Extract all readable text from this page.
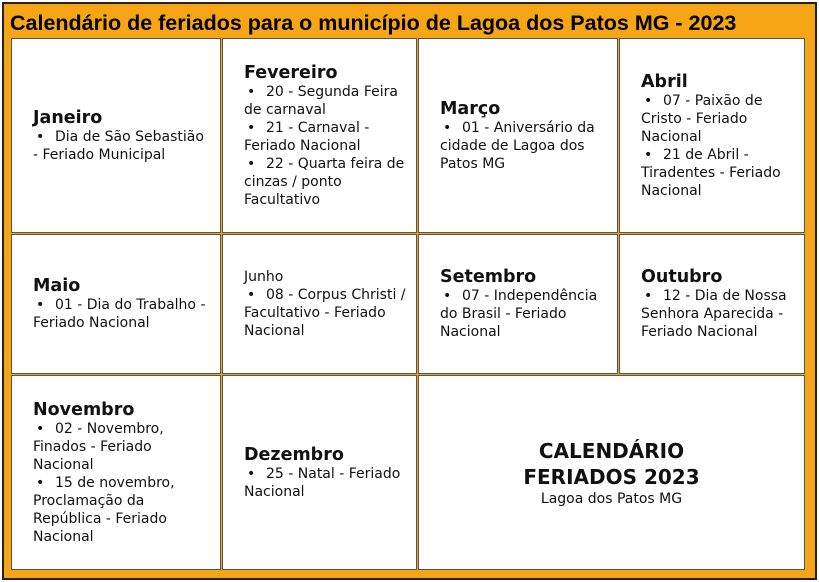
Calendário de feriados para o município de Lagoa dos Patos MG - 2023
Janeiro
•Dia de São Sebastião - Feriado Municipal
Fevereiro
•20 - Segunda Feira de carnaval
•21 - Carnaval - Feriado Nacional
•22 - Quarta feira de cinzas / ponto Facultativo
Março
•01 - Aniversário da cidade de Lagoa dos Patos MG
Abril
•07 - Paixão de Cristo - Feriado Nacional
•21 de Abril - Tiradentes - Feriado Nacional
Maio
•01 - Dia do Trabalho - Feriado Nacional
Junho
•08 - Corpus Christi / Facultativo - Feriado Nacional
Setembro
•07 - Independência do Brasil - Feriado Nacional
Outubro
•12 - Dia de Nossa Senhora Aparecida - Feriado Nacional
Novembro
•02 - Novembro, Finados - Feriado Nacional
•15 de novembro, Proclamação da República - Feriado Nacional
Dezembro
•25 - Natal - Feriado Nacional
CALENDÁRIO
FERIADOS 2023
Lagoa dos Patos MG
